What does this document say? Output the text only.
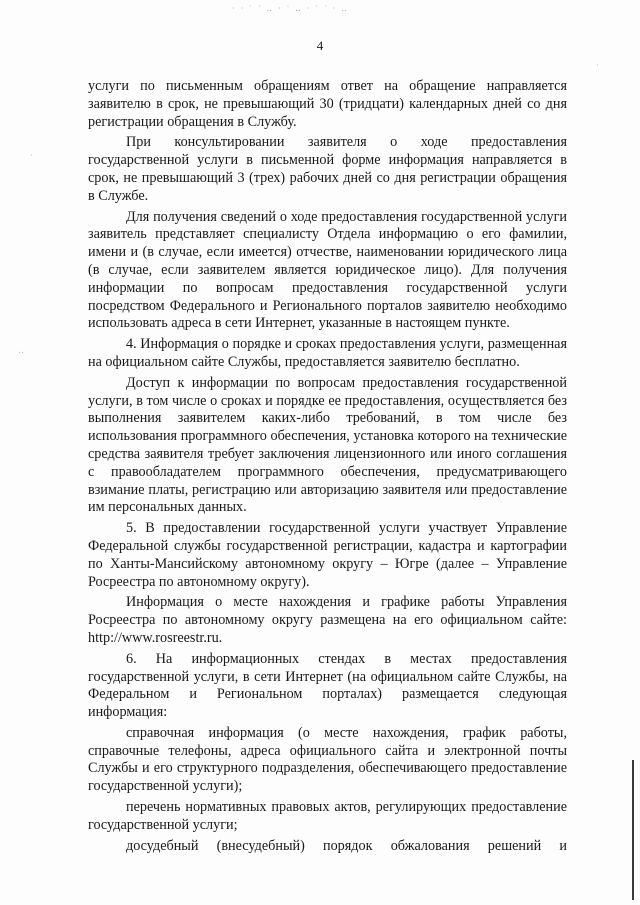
· · ˙ ˙ ‥ · ˙ ‥ · ˙ ˙ · ‥
·
‥
·
4

услуги по письменным обращениям ответ на обращение направляется заявителю в срок, не превышающий 30 (тридцати) календарных дней со дня регистрации обращения в Службу.

При консультировании заявителя о ходе предоставления государственной услуги в письменной форме информация направляется в срок, не превышающий 3 (трех) рабочих дней со дня регистрации обращения в Службе.

Для получения сведений о ходе предоставления государственной услуги заявитель представляет специалисту Отдела информацию о его фамилии, имени и (в случае, если имеется) отчестве, наименовании юридического лица (в случае, если заявителем является юридическое лицо). Для получения информации по вопросам предоставления государственной услуги посредством Федерального и Регионального порталов заявителю необходимо использовать адреса в сети Интернет, указанные в настоящем пункте.

4. Информация о порядке и сроках предоставления услуги, размещенная на официальном сайте Службы, предоставляется заявителю бесплатно.

Доступ к информации по вопросам предоставления государственной услуги, в том числе о сроках и порядке ее предоставления, осуществляется без выполнения заявителем каких-либо требований, в том числе без использования программного обеспечения, установка которого на технические средства заявителя требует заключения лицензионного или иного соглашения с правообладателем программного обеспечения, предусматривающего взимание платы, регистрацию или авторизацию заявителя или предоставление им персональных данных.

5. В предоставлении государственной услуги участвует Управление Федеральной службы государственной регистрации, кадастра и картографии по Ханты-Мансийскому автономному округу – Югре (далее – Управление Росреестра по автономному округу).

Информация о месте нахождения и графике работы Управления Росреестра по автономному округу размещена на его официальном сайте: http://www.rosreestr.ru.

6. На информационных стендах в местах предоставления государственной услуги, в сети Интернет (на официальном сайте Службы, на Федеральном и Региональном порталах) размещается следующая информация:

справочная информация (о месте нахождения, график работы, справочные телефоны, адреса официального сайта и электронной почты Службы и его структурного подразделения, обеспечивающего предоставление государственной услуги);

перечень нормативных правовых актов, регулирующих предоставление государственной услуги;

досудебный (внесудебный) порядок обжалования решений и
